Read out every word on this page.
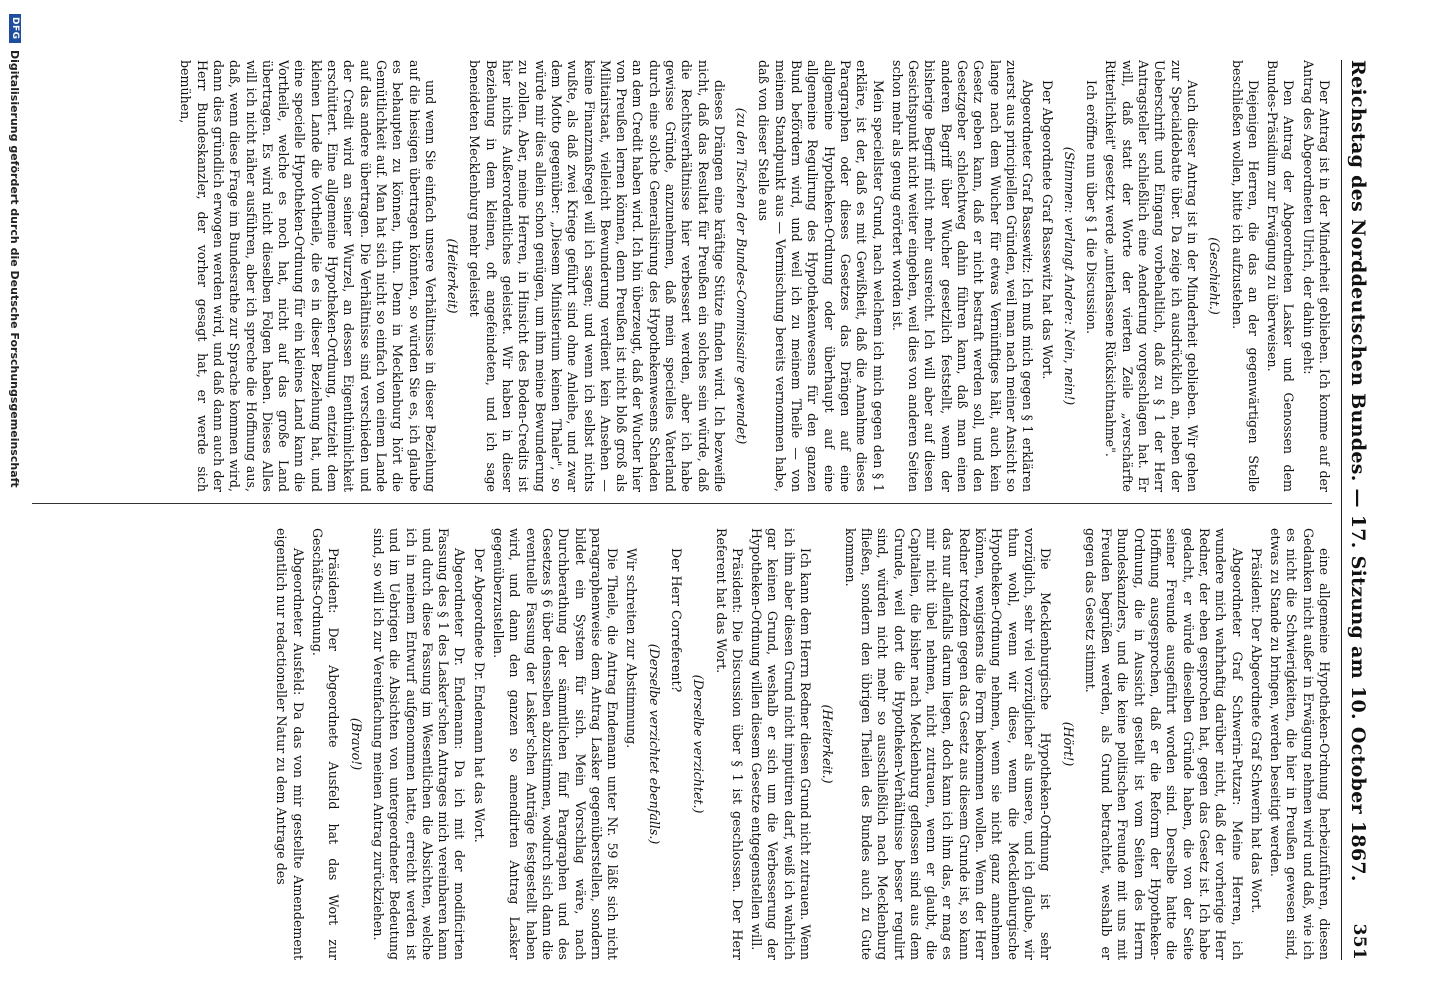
Reichstag des Norddeutschen Bundes. — 17. Sitzung am 10. October 1867.
351
Der Antrag ist in der Minderheit geblieben. Ich komme auf der Antrag des Abgeordneten Ulrich, der dahin geht:
Den Antrag der Abgeordneten Lasker und Genossen dem Bundes-Präsidium zur Erwägung zu überweisen.
Diejenigen Herren, die das an der gegenwärtigen Stelle beschließen wollen, bitte ich aufzustehen.
(Geschieht.)
Auch dieser Antrag ist in der Minderheit geblieben. Wir gehen zur Specialdebatte über. Da zeige ich ausdrücklich an, neben der Ueberschrift und Eingang vorbehaltlich, daß zu § 1 der Herr Antragsteller schließlich eine Aenderung vorgeschlagen hat. Er will, daß statt der Worte der vierten Zeile „verschärfte Ritterlichkeit" gesetzt werde „unterlassene Rücksichtnahme".
Ich eröffne nun über § 1 die Discussion.
(Stimmen: verlangt Andere: Nein, nein!)
Der Abgeordnete Graf Bassewitz hat das Wort.
Abgeordneter Graf Bassewitz: Ich muß mich gegen § 1 erklären zuerst aus principiellen Gründen, weil man nach meiner Ansicht so lange nach dem Wucher für etwas Vernünftiges hält, auch kein Gesetz geben kann, daß er nicht bestraft werden soll, und den Gesetzgeber schlechtweg dahin führen kann, daß man einen anderen Begriff über Wucher gesetzlich feststellt, wenn der bisherige Begriff nicht mehr ausreicht. Ich will aber auf diesen Gesichtspunkt nicht weiter eingehen, weil dies von anderen Seiten schon mehr als genug erörtert worden ist.
Mein speciellster Grund, nach welchem ich mich gegen den § 1 erkläre, ist der, daß es mit Gewißheit, daß die Annahme dieses Paragraphen oder dieses Gesetzes das Drängen auf eine allgemeine Hypotheken-Ordnung oder überhaupt auf eine allgemeine Regulirung des Hypothekenwesens für den ganzen Bund befördern wird, und weil ich zu meinem Theile — von meinem Standpunkt aus — Vermischung bereits vernommen habe, daß von dieser Stelle aus
(zu den Tischen der Bundes-Commissaire gewendet)
dieses Drängen eine kräftige Stütze finden wird. Ich bezweifle nicht, daß das Resultat für Preußen ein solches sein würde, daß die Rechtsverhältnisse hier verbessert werden, aber ich habe gewisse Gründe, anzunehmen, daß mein specielles Vaterland durch eine solche Generalisirung des Hypothekenwesens Schaden an dem Credit haben wird. Ich bin überzeugt, daß der Wucher hier von Preußen lernen können, denn Preußen ist nicht bloß groß als Militairstaat, vielleicht Bewunderung verdient kein Ansehen — keine Finanzmaßregel will ich sagen; und wenn ich selbst nichts wußte, als daß zwei Kriege geführt sind ohne Anleihe, und zwar dem Motto gegenüber: „Diesem Ministerium keinen Thaler", so würde mir dies allein schon genügen, um ihm meine Bewunderung zu zollen. Aber, meine Herren, in Hinsicht des Boden-Credits ist hier nichts Außerordentliches geleistet. Wir haben in dieser Beziehung in dem kleinen, oft angefeindeten, und ich sage beneideten Mecklenburg mehr geleistet
(Heiterkeit)
und wenn Sie einfach unsere Verhältnisse in dieser Beziehung auf die hiesigen übertragen könnten, so würden Sie es, ich glaube es behaupten zu können, thun. Denn in Mecklenburg hört die Gemütlichkeit auf. Man hat sich nicht so einfach von einem Lande auf das andere übertragen. Die Verhältnisse sind verschieden und der Credit wird an seiner Wurzel, an dessen Eigenthümlichkeit erschüttert. Eine allgemeine Hypotheken-Ordnung, entzieht dem kleinen Lande die Vortheile, die es in dieser Beziehung hat, und eine specielle Hypotheken-Ordnung für ein kleines Land kann die Vortheile, welche es noch hat, nicht auf das große Land übertragen. Es wird nicht dieselben Folgen haben. Dieses Alles will ich nicht näher ausführen, aber ich spreche die Hoffnung aus, daß, wenn diese Frage im Bundesrathe zur Sprache kommen wird, dann dies gründlich erwogen werden wird, und daß dann auch der Herr Bundeskanzler, der vorher gesagt hat, er werde sich bemühen,
eine allgemeine Hypotheken-Ordnung herbeizuführen, diesen Gedanken nicht außer in Erwägung nehmen wird und daß, wie ich es nicht die Schwierigkeiten, die hier in Preußen gewesen sind, etwas zu Stande zu bringen, werden beseitigt werden.
Präsident: Der Abgeordnete Graf Schwerin hat das Wort.
Abgeordneter Graf Schwerin-Putzar: Meine Herren, ich wundere mich wahrhaftig darüber nicht, daß der vorherige Herr Redner, der eben gesprochen hat, gegen das Gesetz ist. Ich habe gedacht, er würde dieselben Gründe haben, die von der Seite seiner Freunde ausgeführt worden sind. Derselbe hatte die Hoffnung ausgesprochen, daß er die Reform der Hypotheken-Ordnung, die in Aussicht gestellt ist vom Seiten des Herrn Bundeskanzlers, und die keine politischen Freunde mit uns mit Freuden begrüßen werden, als Grund betrachtet, weshalb er gegen das Gesetz stimmt.
(Hört!)
Die Mecklenburgische Hypotheken-Ordnung ist sehr vorzüglich, sehr viel vorzüglicher als unsere, und ich glaube, wir thun wohl, wenn wir diese, wenn die Mecklenburgische Hypotheken-Ordnung nehmen, wenn sie nicht ganz annehmen können, wenigstens die Form bekommen wollen. Wenn der Herr Redner trotzdem gegen das Gesetz aus diesem Grunde ist, so kann das nur allenfalls darum liegen, doch kann ich ihm das, er mag es mir nicht übel nehmen, nicht zutrauen, wenn er glaubt, die Capitalien, die bisher nach Mecklenburg geflossen sind aus dem Grunde, weil dort die Hypotheken-Verhältnisse besser regulirt sind, würden nicht mehr so ausschließlich nach Mecklenburg fließen, sondern den übrigen Theilen des Bundes auch zu Gute kommen.
(Heiterkeit.)
Ich kann dem Herrn Redner diesen Grund nicht zutrauen. Wenn ich ihm aber diesen Grund nicht imputiren darf, weiß ich wahrlich gar keinen Grund, weshalb er sich um die Verbesserung der Hypotheken-Ordnung willen diesem Gesetze entgegenstellen will.
Präsident: Die Discussion über § 1 ist geschlossen. Der Herr Referent hat das Wort.
(Derselbe verzichtet.)
Der Herr Correferent?
(Derselbe verzichtet ebenfalls.)
Wir schreiten zur Abstimmung.
Die Theile, die Antrag Endemann unter Nr. 59 läßt sich nicht paragraphenweise dem Antrag Lasker gegenüberstellen, sondern bildet ein System für sich. Mein Vorschlag wäre, nach Durchberathung der sämmtlichen fünf Paragraphen und des Gesetzes § 6 über densselben abzustimmen, wodurch sich dann die eventuelle Fassung der Lasker'schen Anträge festgestellt haben wird, und dann den ganzen so amendirten Antrag Lasker gegenüberzustellen.
Der Abgeordnete Dr. Endemann hat das Wort.
Abgeordneter Dr. Endemann: Da ich mit der modificirten Fassung des § 1 des Lasker'schen Antrages mich vereinbaren kann und durch diese Fassung im Wesentlichen die Absichten, welche ich in meinem Entwurf aufgenommen hatte, erreicht werden ist und im Uebrigen die Absichten von untergeordneter Bedeutung sind, so will ich zur Vereinfachung meinen Antrag zurückziehen.
(Bravo!)
Präsident: Der Abgeordnete Ausfeld hat das Wort zur Geschäfts-Ordnung.
Abgeordneter Ausfeld: Da das von mir gestellte Amendement eigentlich nur redactioneller Natur zu dem Antrage des
DFG
Digitalisierung gefördert durch die Deutsche Forschungsgemeinschaft
